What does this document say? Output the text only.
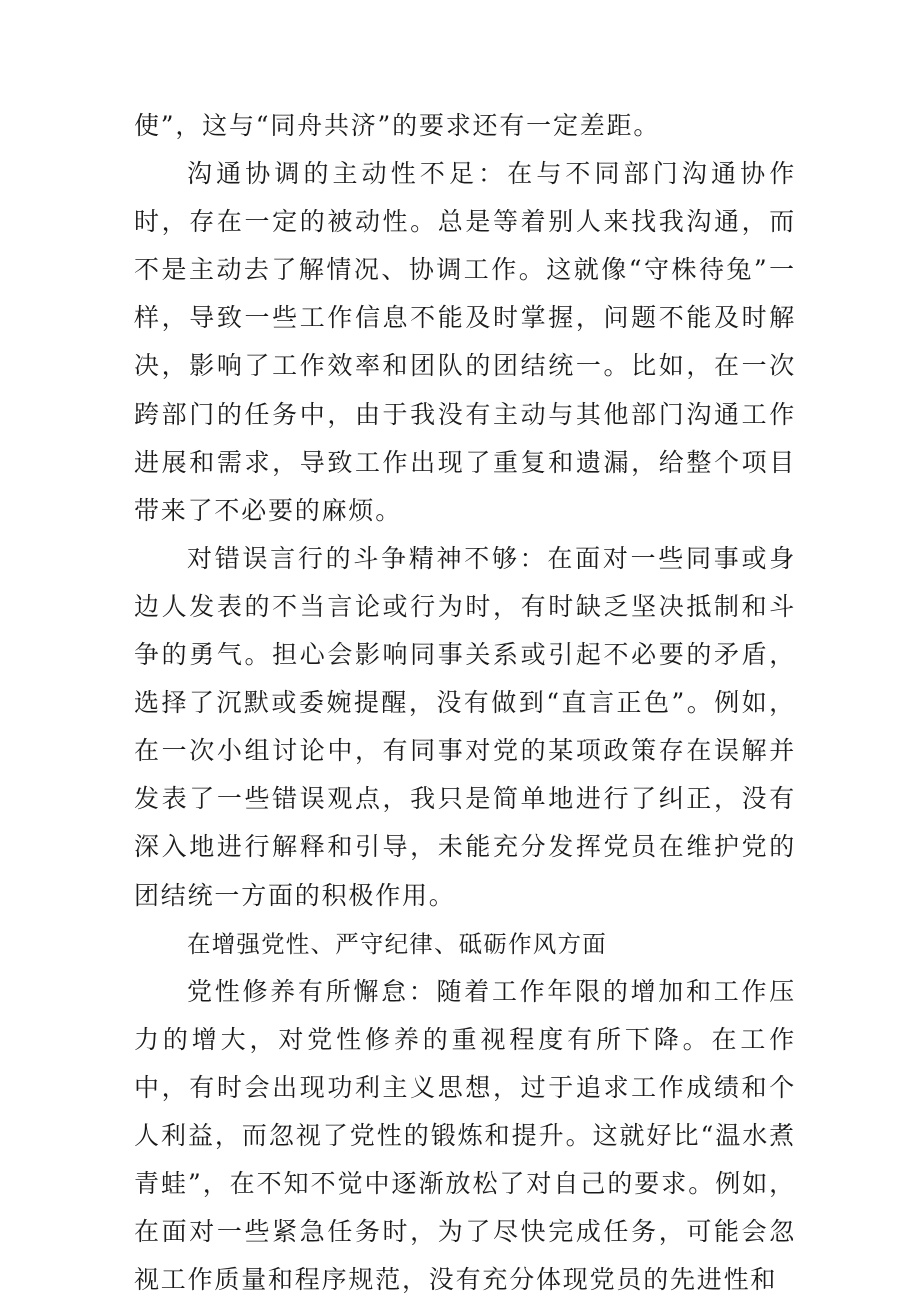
使”，这与“同舟共济”的要求还有一定差距。

沟通协调的主动性不足：在与不同部门沟通协作时，存在一定的被动性。总是等着别人来找我沟通，而不是主动去了解情况、协调工作。这就像“守株待兔”一样，导致一些工作信息不能及时掌握，问题不能及时解决，影响了工作效率和团队的团结统一。比如，在一次跨部门的任务中，由于我没有主动与其他部门沟通工作进展和需求，导致工作出现了重复和遗漏，给整个项目带来了不必要的麻烦。

对错误言行的斗争精神不够：在面对一些同事或身边人发表的不当言论或行为时，有时缺乏坚决抵制和斗争的勇气。担心会影响同事关系或引起不必要的矛盾，选择了沉默或委婉提醒，没有做到“直言正色”。例如，在一次小组讨论中，有同事对党的某项政策存在误解并发表了一些错误观点，我只是简单地进行了纠正，没有深入地进行解释和引导，未能充分发挥党员在维护党的团结统一方面的积极作用。

在增强党性、严守纪律、砥砺作风方面

党性修养有所懈怠：随着工作年限的增加和工作压力的增大，对党性修养的重视程度有所下降。在工作中，有时会出现功利主义思想，过于追求工作成绩和个人利益，而忽视了党性的锻炼和提升。这就好比“温水煮青蛙”，在不知不觉中逐渐放松了对自己的要求。例如，在面对一些紧急任务时，为了尽快完成任务，可能会忽视工作质量和程序规范，没有充分体现党员的先进性和
